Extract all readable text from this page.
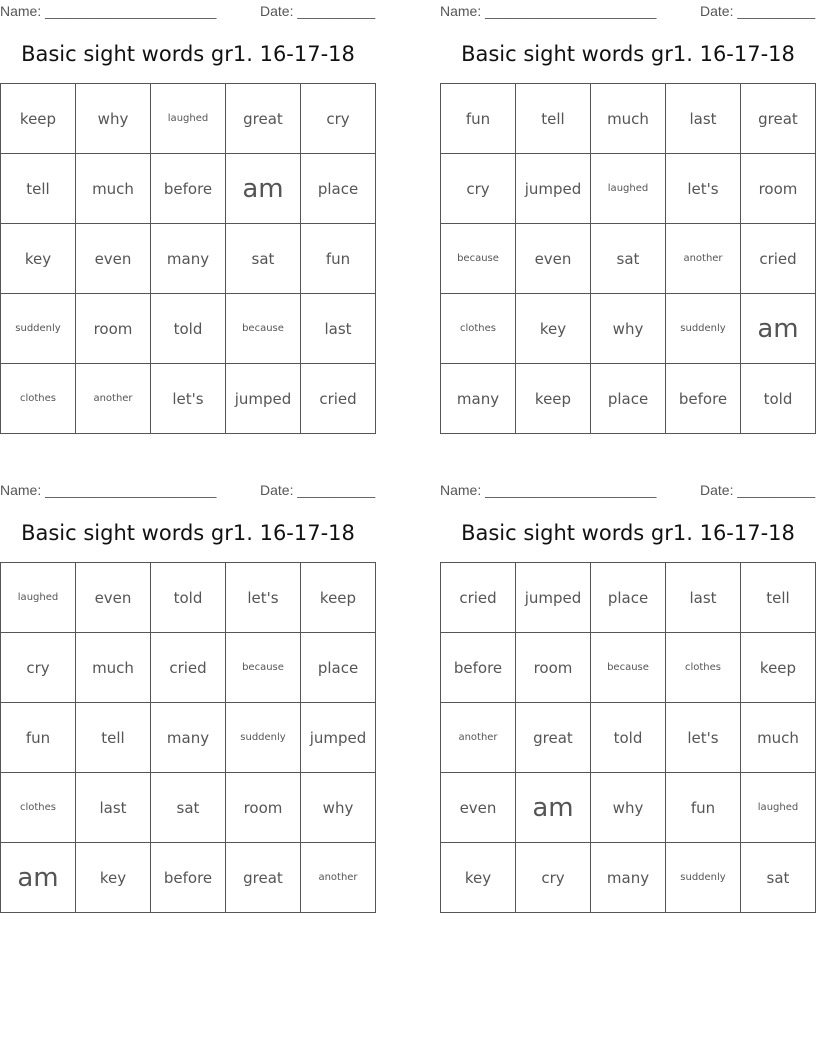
Name: ______________________	Date: __________
Basic sight words gr1. 16-17-18
keep	why	laughed	great	cry
tell	much	before	am	place
key	even	many	sat	fun
suddenly	room	told	because	last
clothes	another	let's	jumped	cried
Name: ______________________	Date: __________
Basic sight words gr1. 16-17-18
fun	tell	much	last	great
cry	jumped	laughed	let's	room
because	even	sat	another	cried
clothes	key	why	suddenly	am
many	keep	place	before	told
Name: ______________________	Date: __________
Basic sight words gr1. 16-17-18
laughed	even	told	let's	keep
cry	much	cried	because	place
fun	tell	many	suddenly	jumped
clothes	last	sat	room	why
am	key	before	great	another
Name: ______________________	Date: __________
Basic sight words gr1. 16-17-18
cried	jumped	place	last	tell
before	room	because	clothes	keep
another	great	told	let's	much
even	am	why	fun	laughed
key	cry	many	suddenly	sat
